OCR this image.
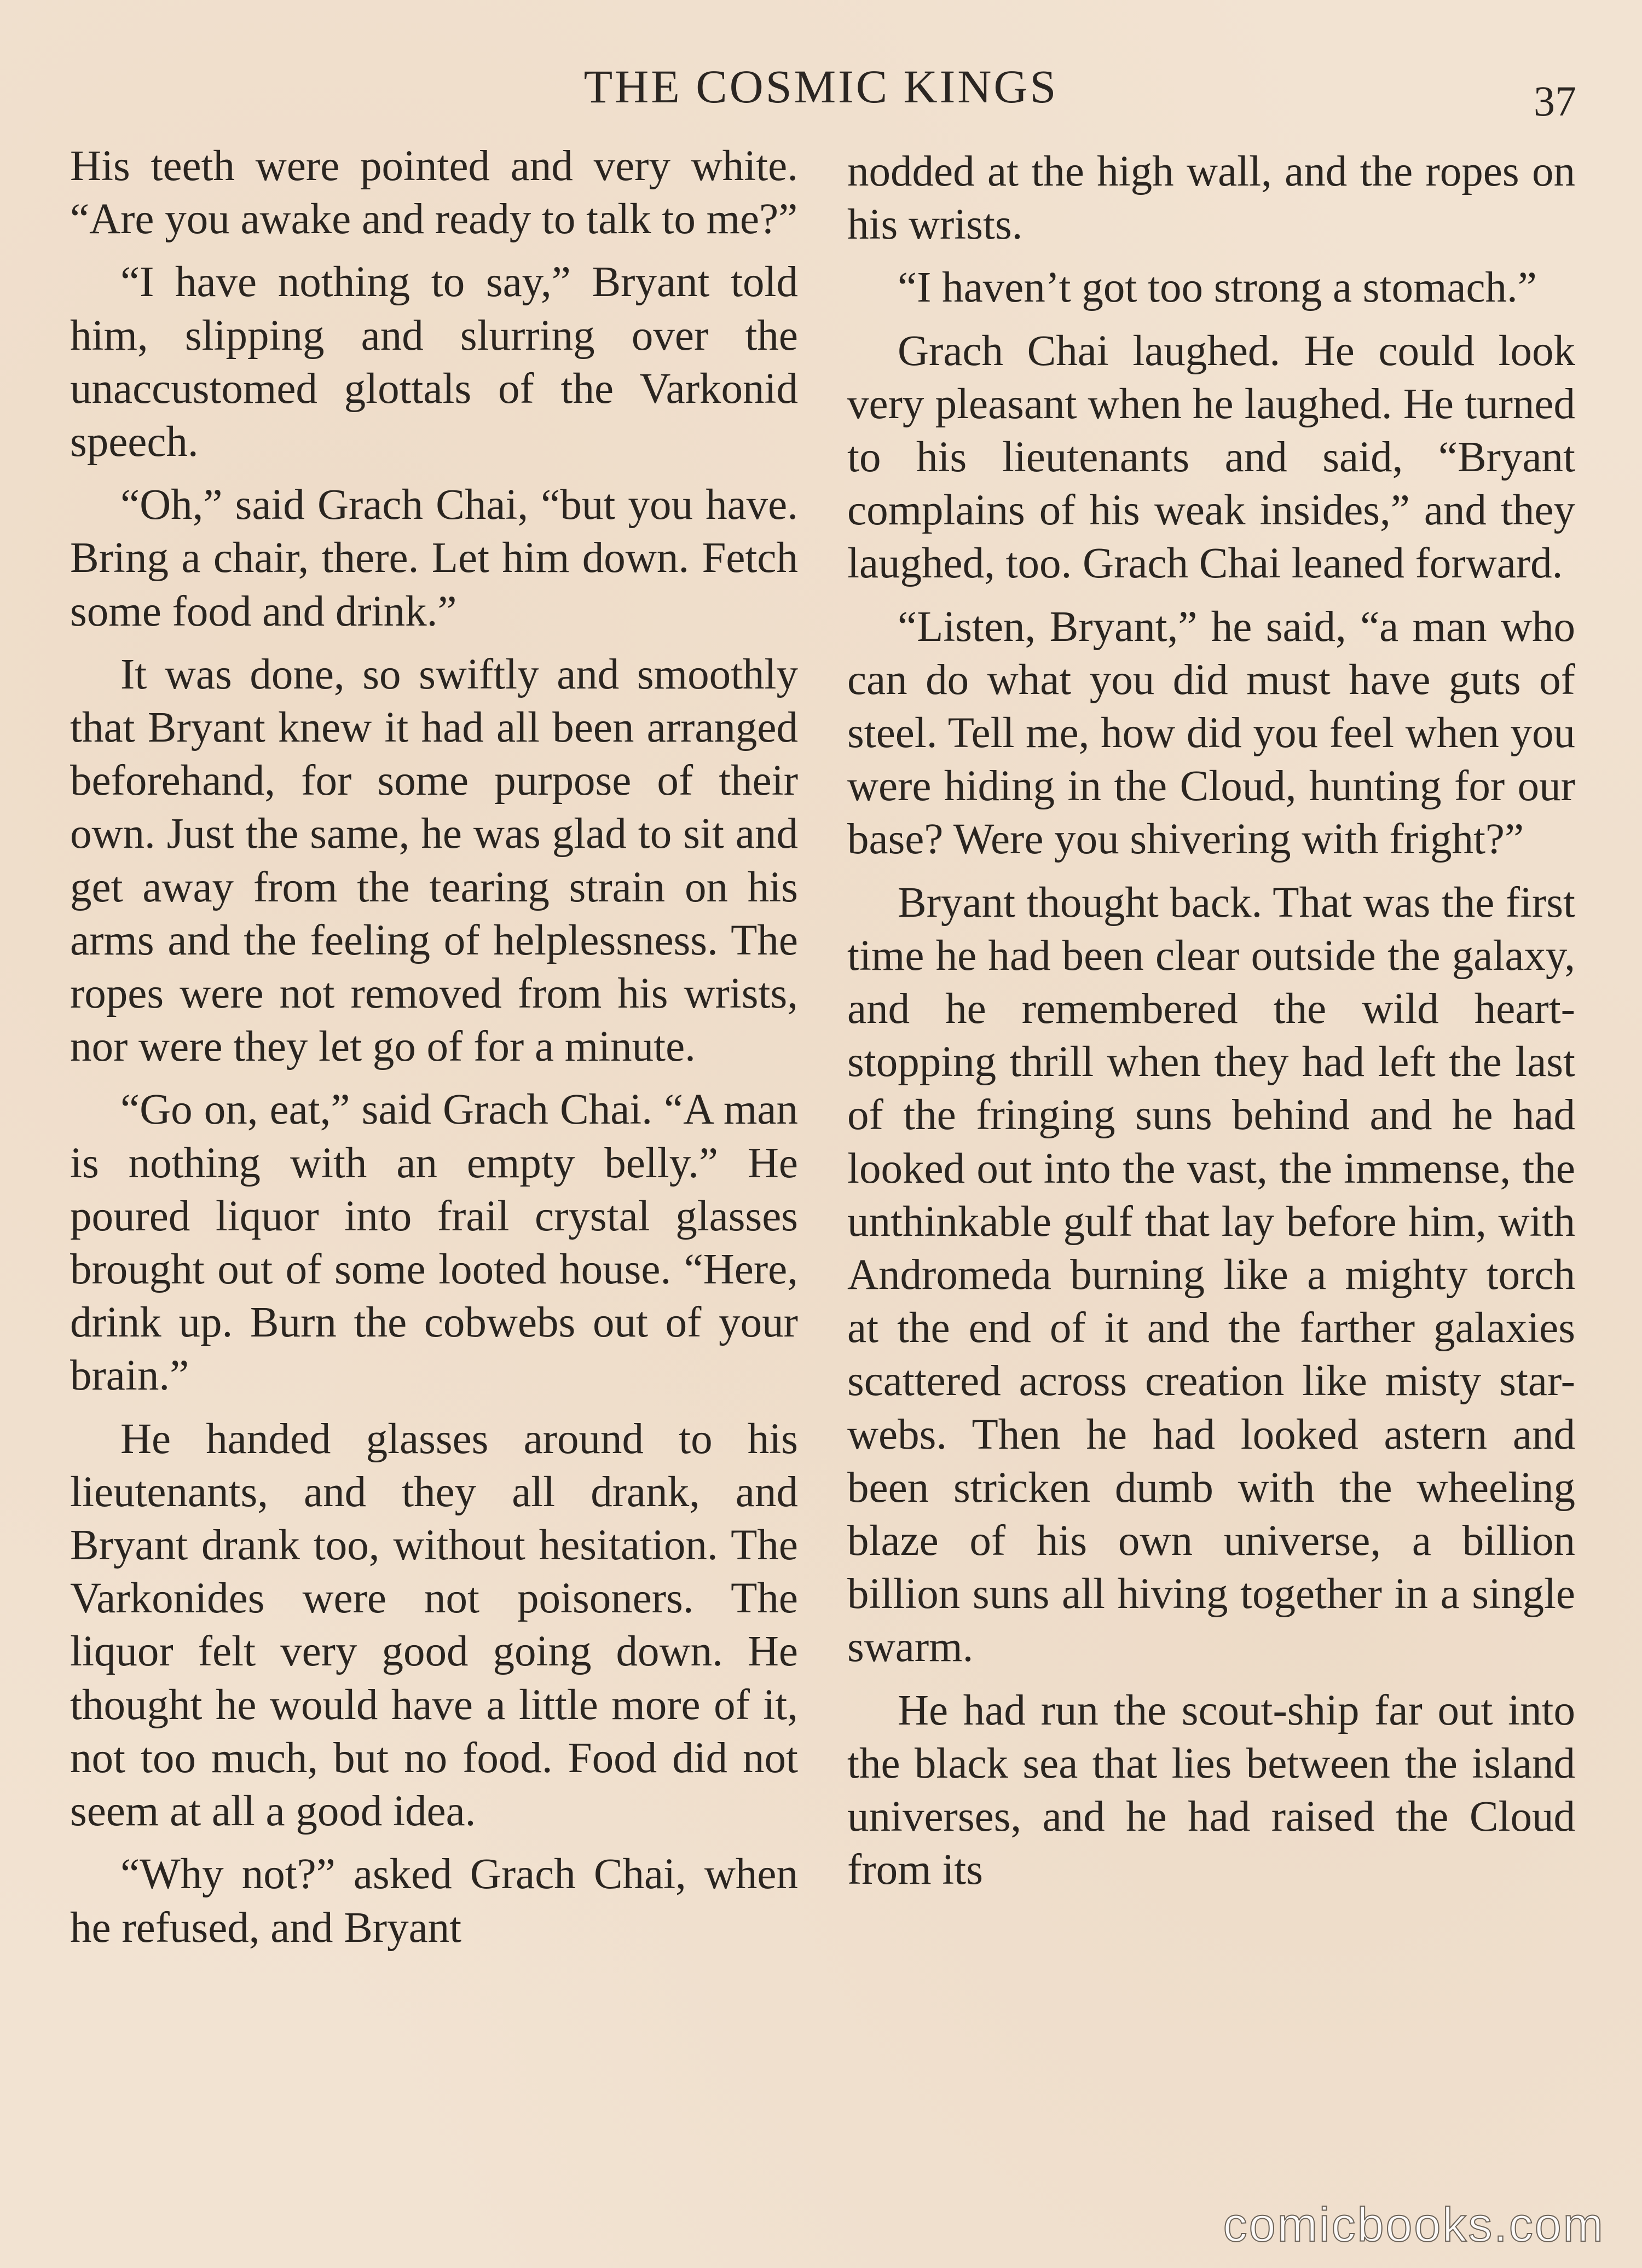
THE COSMIC KINGS	37

His teeth were pointed and very white. “Are you awake and ready to talk to me?”

“I have nothing to say,” Bryant told him, slipping and slurring over the unaccustomed glottals of the Varkonid speech.

“Oh,” said Grach Chai, “but you have. Bring a chair, there. Let him down. Fetch some food and drink.”

It was done, so swiftly and smoothly that Bryant knew it had all been arranged beforehand, for some purpose of their own. Just the same, he was glad to sit and get away from the tearing strain on his arms and the feeling of helplessness. The ropes were not removed from his wrists, nor were they let go of for a minute.

“Go on, eat,” said Grach Chai. “A man is nothing with an empty belly.” He poured liquor into frail crystal glasses brought out of some looted house. “Here, drink up. Burn the cobwebs out of your brain.”

He handed glasses around to his lieutenants, and they all drank, and Bryant drank too, without hesitation. The Varkonides were not poisoners. The liquor felt very good going down. He thought he would have a little more of it, not too much, but no food. Food did not seem at all a good idea.

“Why not?” asked Grach Chai, when he refused, and Bryant

nodded at the high wall, and the ropes on his wrists.

“I haven’t got too strong a stomach.”

Grach Chai laughed. He could look very pleasant when he laughed. He turned to his lieutenants and said, “Bryant complains of his weak insides,” and they laughed, too. Grach Chai leaned forward.

“Listen, Bryant,” he said, “a man who can do what you did must have guts of steel. Tell me, how did you feel when you were hiding in the Cloud, hunting for our base? Were you shivering with fright?”

Bryant thought back. That was the first time he had been clear outside the galaxy, and he remembered the wild heart-stopping thrill when they had left the last of the fringing suns behind and he had looked out into the vast, the immense, the unthinkable gulf that lay before him, with Andromeda burning like a mighty torch at the end of it and the farther galaxies scattered across creation like misty star-webs. Then he had looked astern and been stricken dumb with the wheeling blaze of his own universe, a billion billion suns all hiving together in a single swarm.

He had run the scout-ship far out into the black sea that lies between the island universes, and he had raised the Cloud from its

comicbooks.com
